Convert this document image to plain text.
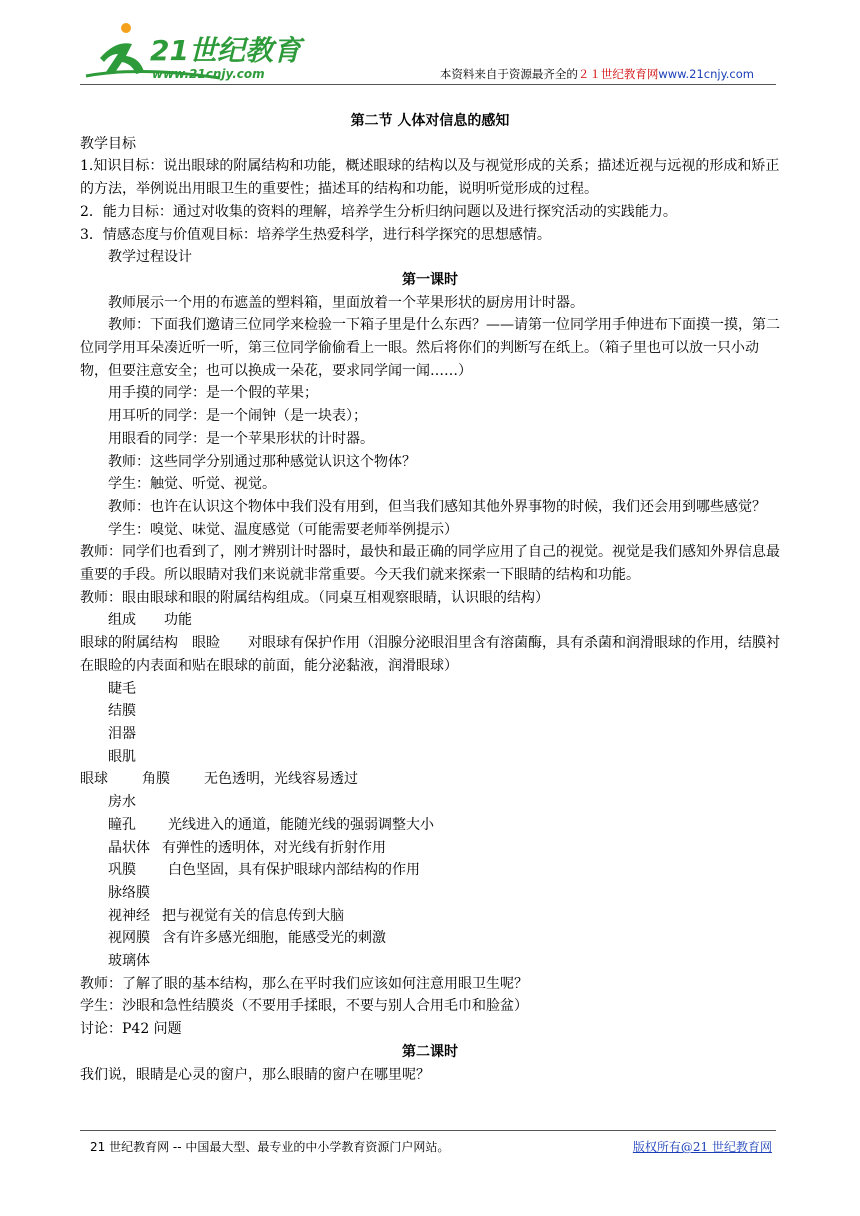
21世纪教育
www.21cnjy.com	本资料来自于资源最齐全的２１世纪教育网www.21cnjy.com
第二节 人体对信息的感知
教学目标
1.知识目标：说出眼球的附属结构和功能，概述眼球的结构以及与视觉形成的关系；描述近视与远视的形成和矫正的方法，举例说出用眼卫生的重要性；描述耳的结构和功能，说明听觉形成的过程。
2．能力目标：通过对收集的资料的理解，培养学生分析归纳问题以及进行探究活动的实践能力。
3．情感态度与价值观目标：培养学生热爱科学，进行科学探究的思想感情。
教学过程设计
第一课时
教师展示一个用的布遮盖的塑料箱，里面放着一个苹果形状的厨房用计时器。
教师：下面我们邀请三位同学来检验一下箱子里是什么东西？——请第一位同学用手伸进布下面摸一摸，第二位同学用耳朵凑近听一听，第三位同学偷偷看上一眼。然后将你们的判断写在纸上。（箱子里也可以放一只小动物，但要注意安全；也可以换成一朵花，要求同学闻一闻……）
用手摸的同学：是一个假的苹果；
用耳听的同学：是一个闹钟（是一块表）；
用眼看的同学：是一个苹果形状的计时器。
教师：这些同学分别通过那种感觉认识这个物体？
学生：触觉、听觉、视觉。
教师：也许在认识这个物体中我们没有用到，但当我们感知其他外界事物的时候，我们还会用到哪些感觉？
学生：嗅觉、味觉、温度感觉（可能需要老师举例提示）
教师：同学们也看到了，刚才辨别计时器时，最快和最正确的同学应用了自己的视觉。视觉是我们感知外界信息最重要的手段。所以眼睛对我们来说就非常重要。今天我们就来探索一下眼睛的结构和功能。
教师：眼由眼球和眼的附属结构组成。（同桌互相观察眼睛，认识眼的结构）
组成 功能
眼球的附属结构 眼睑 对眼球有保护作用（泪腺分泌眼泪里含有溶菌酶，具有杀菌和润滑眼球的作用，结膜衬在眼睑的内表面和贴在眼球的前面，能分泌黏液，润滑眼球）
睫毛
结膜
泪器
眼肌
眼球 角膜 无色透明，光线容易透过
房水
瞳孔 光线进入的通道，能随光线的强弱调整大小
晶状体 有弹性的透明体，对光线有折射作用
巩膜 白色坚固，具有保护眼球内部结构的作用
脉络膜
视神经 把与视觉有关的信息传到大脑
视网膜 含有许多感光细胞，能感受光的刺激
玻璃体
教师：了解了眼的基本结构，那么在平时我们应该如何注意用眼卫生呢？
学生：沙眼和急性结膜炎（不要用手揉眼，不要与别人合用毛巾和脸盆）
讨论：P42 问题
第二课时
我们说，眼睛是心灵的窗户，那么眼睛的窗户在哪里呢？
21 世纪教育网 -- 中国最大型、最专业的中小学教育资源门户网站。	版权所有@21 世纪教育网
